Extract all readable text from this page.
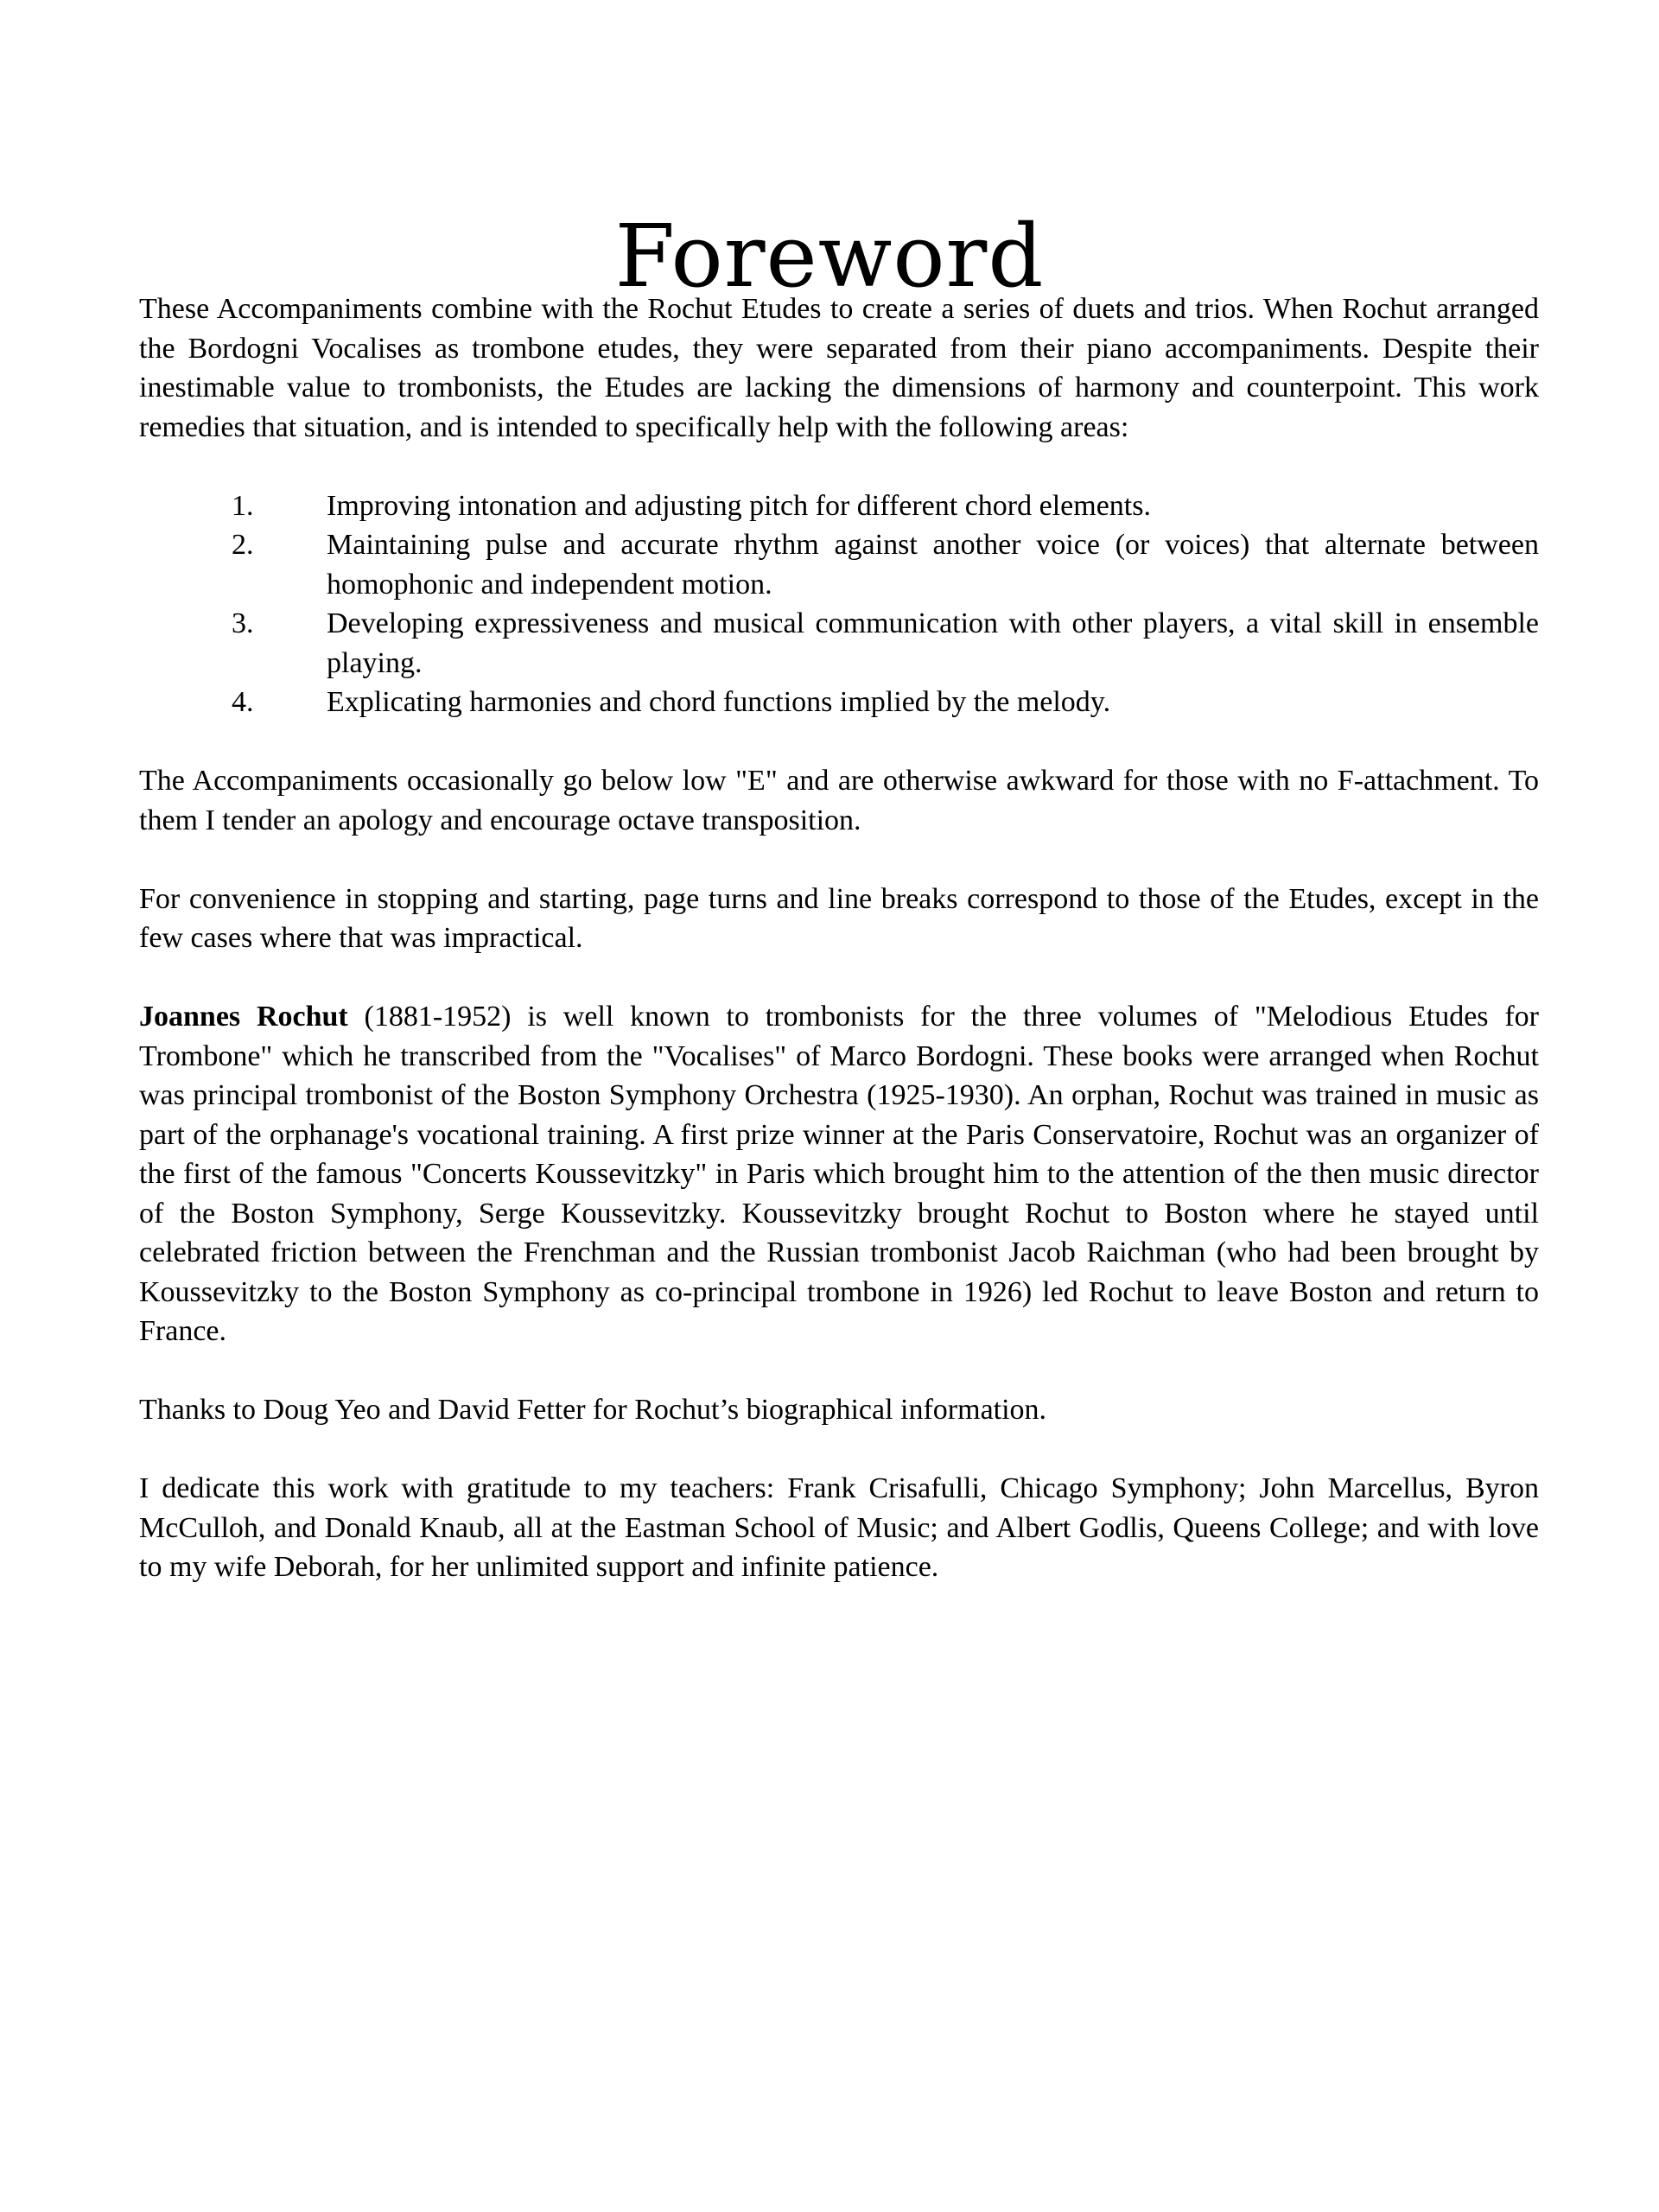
Foreword

These Accompaniments combine with the Rochut Etudes to create a series of duets and trios. When Rochut arranged the Bordogni Vocalises as trombone etudes, they were separated from their piano accompaniments. Despite their inestimable value to trombonists, the Etudes are lacking the dimensions of harmony and counterpoint. This work remedies that situation, and is intended to specifically help with the following areas:

1. Improving intonation and adjusting pitch for different chord elements.
2. Maintaining pulse and accurate rhythm against another voice (or voices) that alternate between homophonic and independent motion.
3. Developing expressiveness and musical communication with other players, a vital skill in ensemble playing.
4. Explicating harmonies and chord functions implied by the melody.

The Accompaniments occasionally go below low "E" and are otherwise awkward for those with no F-attachment. To them I tender an apology and encourage octave transposition.

For convenience in stopping and starting, page turns and line breaks correspond to those of the Etudes, except in the few cases where that was impractical.

Joannes Rochut (1881-1952) is well known to trombonists for the three volumes of "Melodious Etudes for Trombone" which he transcribed from the "Vocalises" of Marco Bordogni. These books were arranged when Rochut was principal trombonist of the Boston Symphony Orchestra (1925-1930). An orphan, Rochut was trained in music as part of the orphanage's vocational training. A first prize winner at the Paris Conservatoire, Rochut was an organizer of the first of the famous "Concerts Koussevitzky" in Paris which brought him to the attention of the then music director of the Boston Symphony, Serge Koussevitzky. Koussevitzky brought Rochut to Boston where he stayed until celebrated friction between the Frenchman and the Russian trombonist Jacob Raichman (who had been brought by Koussevitzky to the Boston Symphony as co-principal trombone in 1926) led Rochut to leave Boston and return to France.

Thanks to Doug Yeo and David Fetter for Rochut’s biographical information.

I dedicate this work with gratitude to my teachers: Frank Crisafulli, Chicago Symphony; John Marcellus, Byron McCulloh, and Donald Knaub, all at the Eastman School of Music; and Albert Godlis, Queens College; and with love to my wife Deborah, for her unlimited support and infinite patience.
